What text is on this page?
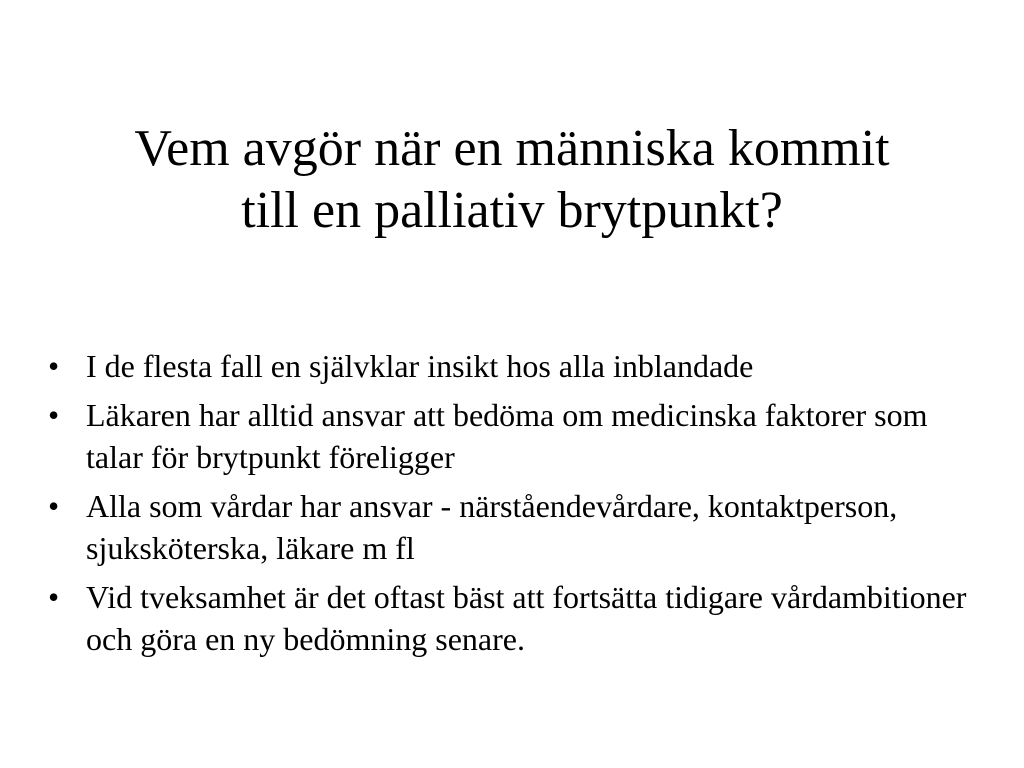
Vem avgör när en människa kommit
till en palliativ brytpunkt?
• I de flesta fall en självklar insikt hos alla inblandade
• Läkaren har alltid ansvar att bedöma om medicinska faktorer som talar för brytpunkt föreligger
• Alla som vårdar har ansvar - närståendevårdare, kontaktperson, sjuksköterska, läkare m fl
• Vid tveksamhet är det oftast bäst att fortsätta tidigare vårdambitioner och göra en ny bedömning senare.
